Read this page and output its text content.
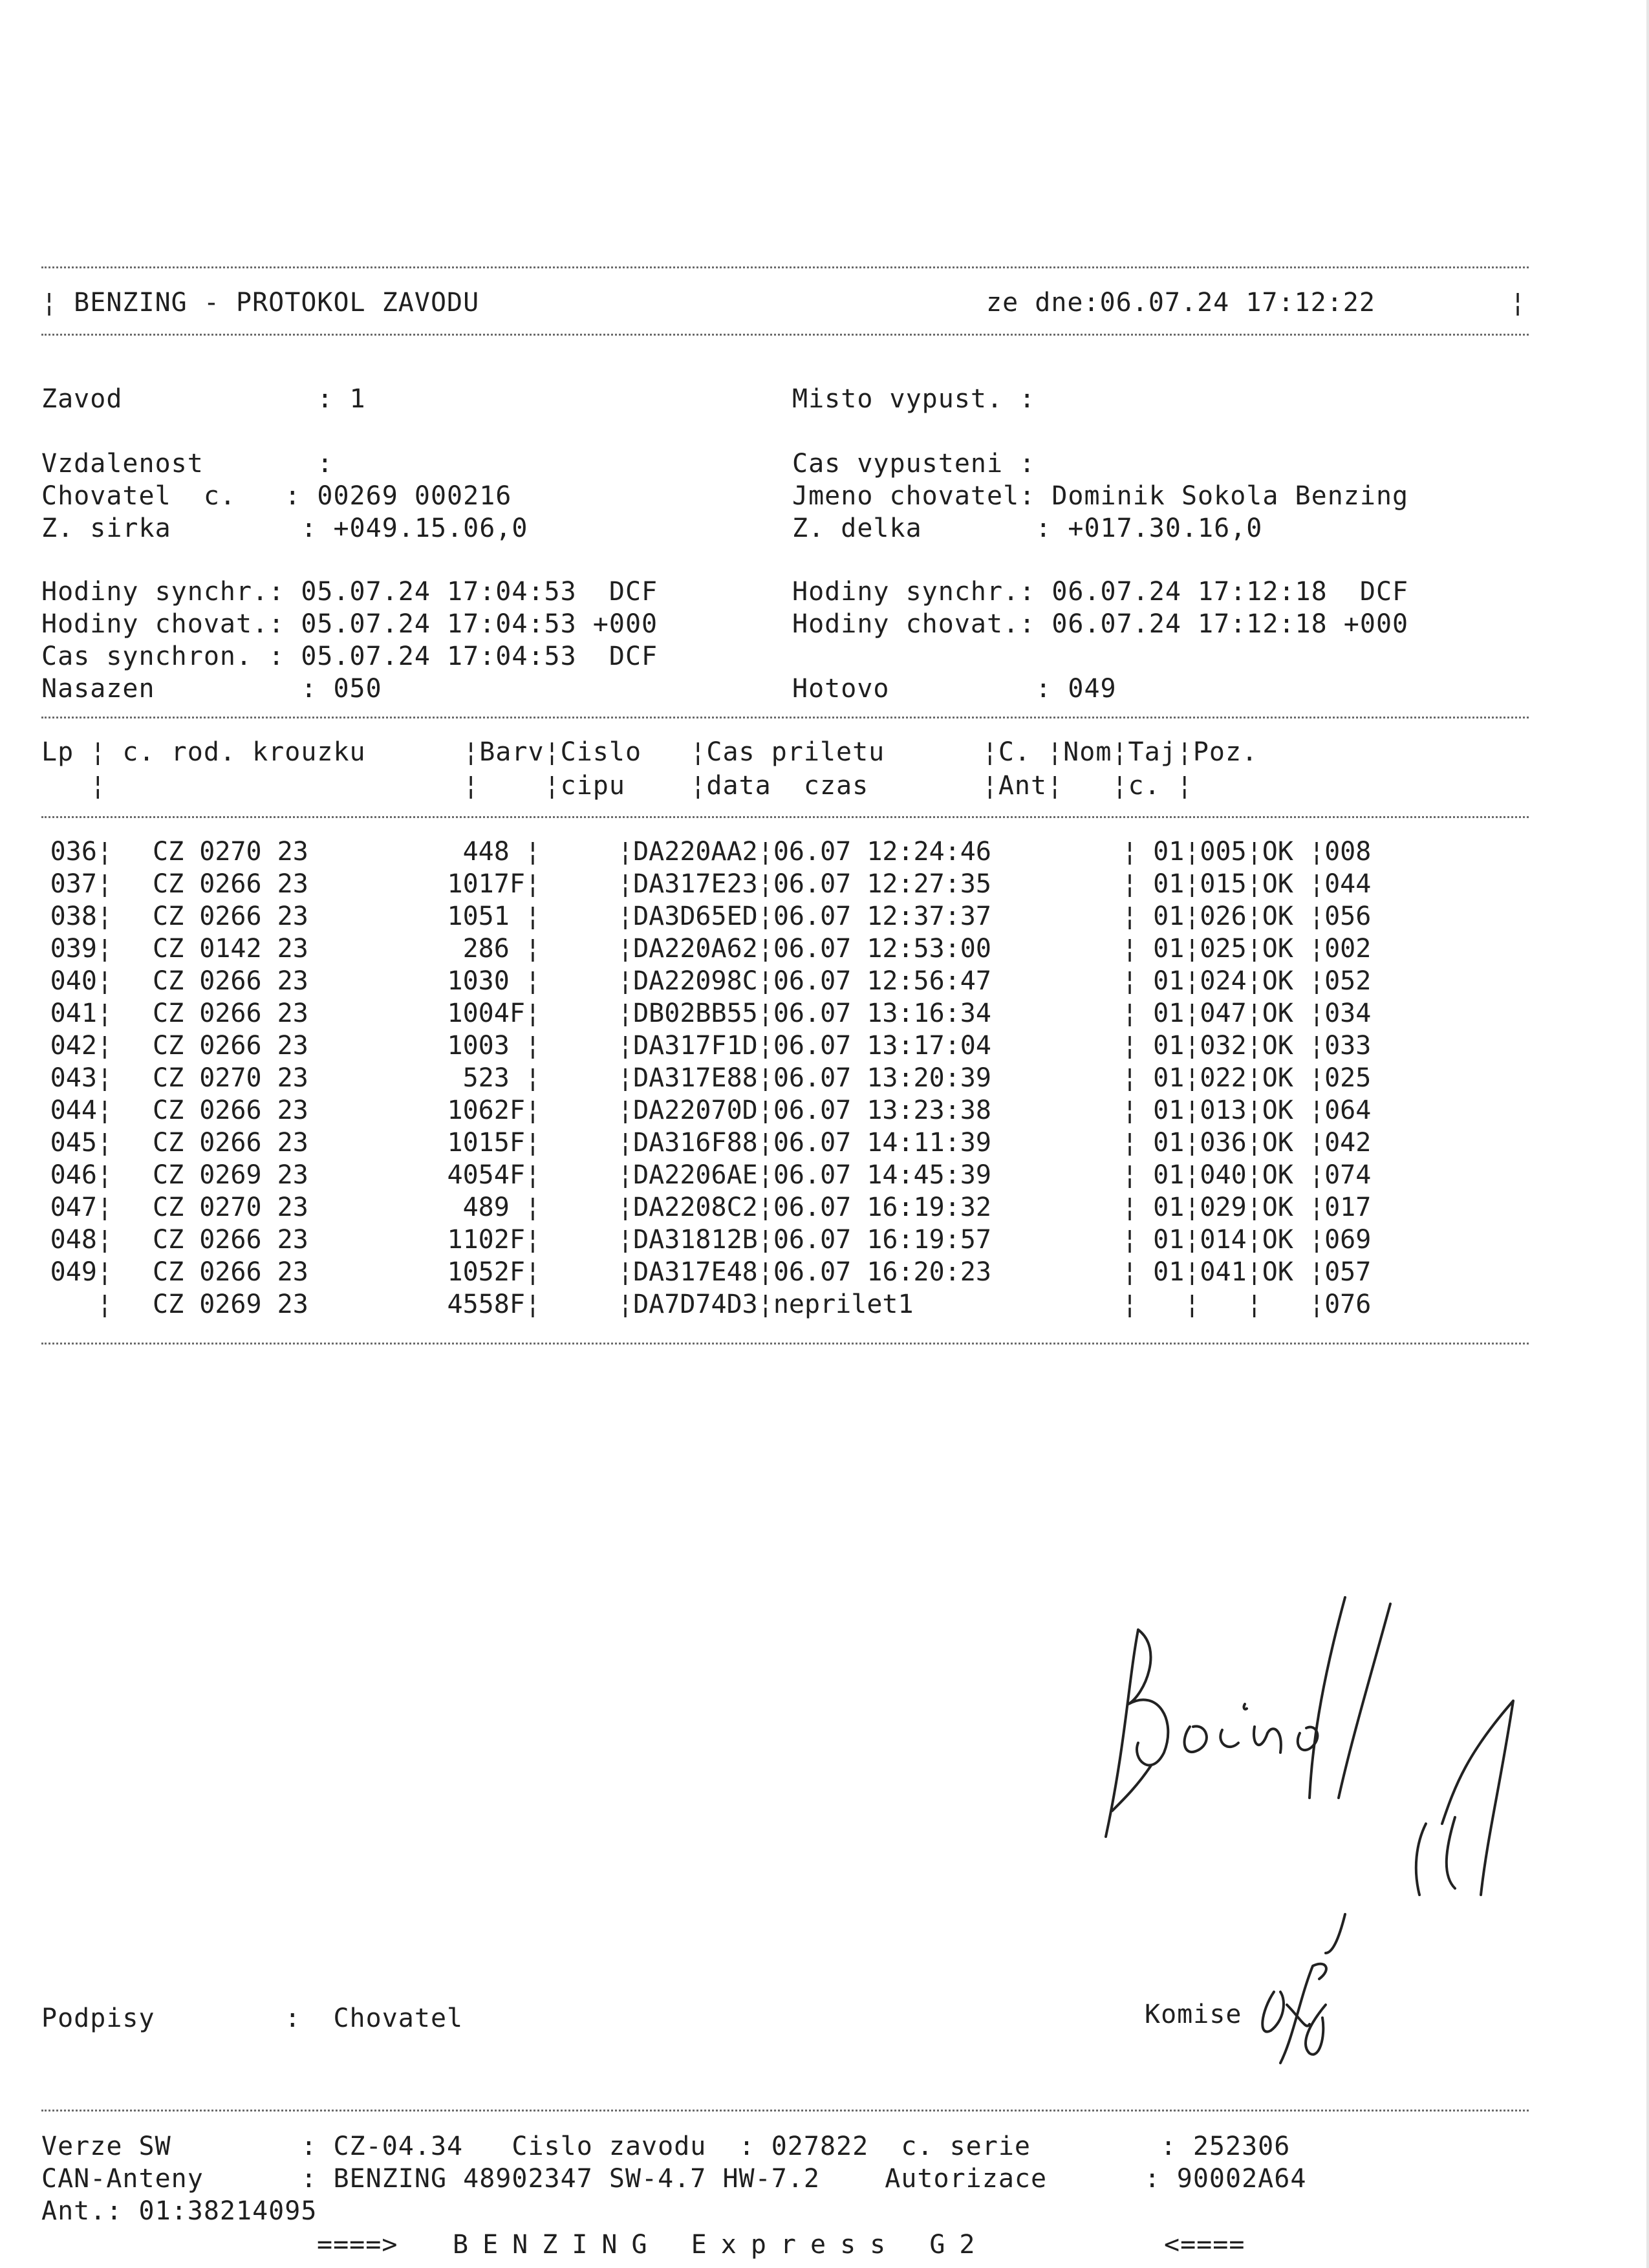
¦ BENZING - PROTOKOL ZAVODU	ze dne:06.07.24 17:12:22	¦
Zavod            : 1	Misto vypust. :
Vzdalenost       :	Cas vypusteni :
Chovatel  c.   : 00269 000216	Jmeno chovatel: Dominik Sokola Benzing
Z. sirka        : +049.15.06,0	Z. delka       : +017.30.16,0
Hodiny synchr.: 05.07.24 17:04:53  DCF	Hodiny synchr.: 06.07.24 17:12:18  DCF
Hodiny chovat.: 05.07.24 17:04:53 +000	Hodiny chovat.: 06.07.24 17:12:18 +000
Cas synchron. : 05.07.24 17:04:53  DCF
Nasazen         : 050	Hotovo         : 049
Lp ¦ c. rod. krouzku      ¦Barv¦Cislo   ¦Cas priletu      ¦C. ¦Nom¦Taj¦Poz.
¦                      ¦    ¦cipu    ¦data  czas       ¦Ant¦   ¦c. ¦
036¦ CZ 0270 23	448 ¦	¦DA220AA2¦06.07 12:24:46	¦ 01¦005¦OK ¦008
037¦ CZ 0266 23	1017F¦	¦DA317E23¦06.07 12:27:35	¦ 01¦015¦OK ¦044
038¦ CZ 0266 23	1051 ¦	¦DA3D65ED¦06.07 12:37:37	¦ 01¦026¦OK ¦056
039¦ CZ 0142 23	286 ¦	¦DA220A62¦06.07 12:53:00	¦ 01¦025¦OK ¦002
040¦ CZ 0266 23	1030 ¦	¦DA22098C¦06.07 12:56:47	¦ 01¦024¦OK ¦052
041¦ CZ 0266 23	1004F¦	¦DB02BB55¦06.07 13:16:34	¦ 01¦047¦OK ¦034
042¦ CZ 0266 23	1003 ¦	¦DA317F1D¦06.07 13:17:04	¦ 01¦032¦OK ¦033
043¦ CZ 0270 23	523 ¦	¦DA317E88¦06.07 13:20:39	¦ 01¦022¦OK ¦025
044¦ CZ 0266 23	1062F¦	¦DA22070D¦06.07 13:23:38	¦ 01¦013¦OK ¦064
045¦ CZ 0266 23	1015F¦	¦DA316F88¦06.07 14:11:39	¦ 01¦036¦OK ¦042
046¦ CZ 0269 23	4054F¦	¦DA2206AE¦06.07 14:45:39	¦ 01¦040¦OK ¦074
047¦ CZ 0270 23	489 ¦	¦DA2208C2¦06.07 16:19:32	¦ 01¦029¦OK ¦017
048¦ CZ 0266 23	1102F¦	¦DA31812B¦06.07 16:19:57	¦ 01¦014¦OK ¦069
049¦ CZ 0266 23	1052F¦	¦DA317E48¦06.07 16:20:23	¦ 01¦041¦OK ¦057
¦ CZ 0269 23	4558F¦	¦DA7D74D3¦neprilet1	¦   ¦   ¦   ¦076
Podpisy        :  Chovatel	Komise
Verze SW        : CZ-04.34   Cislo zavodu  : 027822  c. serie        : 252306
CAN-Anteny      : BENZING 48902347 SW-4.7 HW-7.2    Autorizace      : 90002A64
Ant.: 01:38214095
====> BENZING Express G2	<====
